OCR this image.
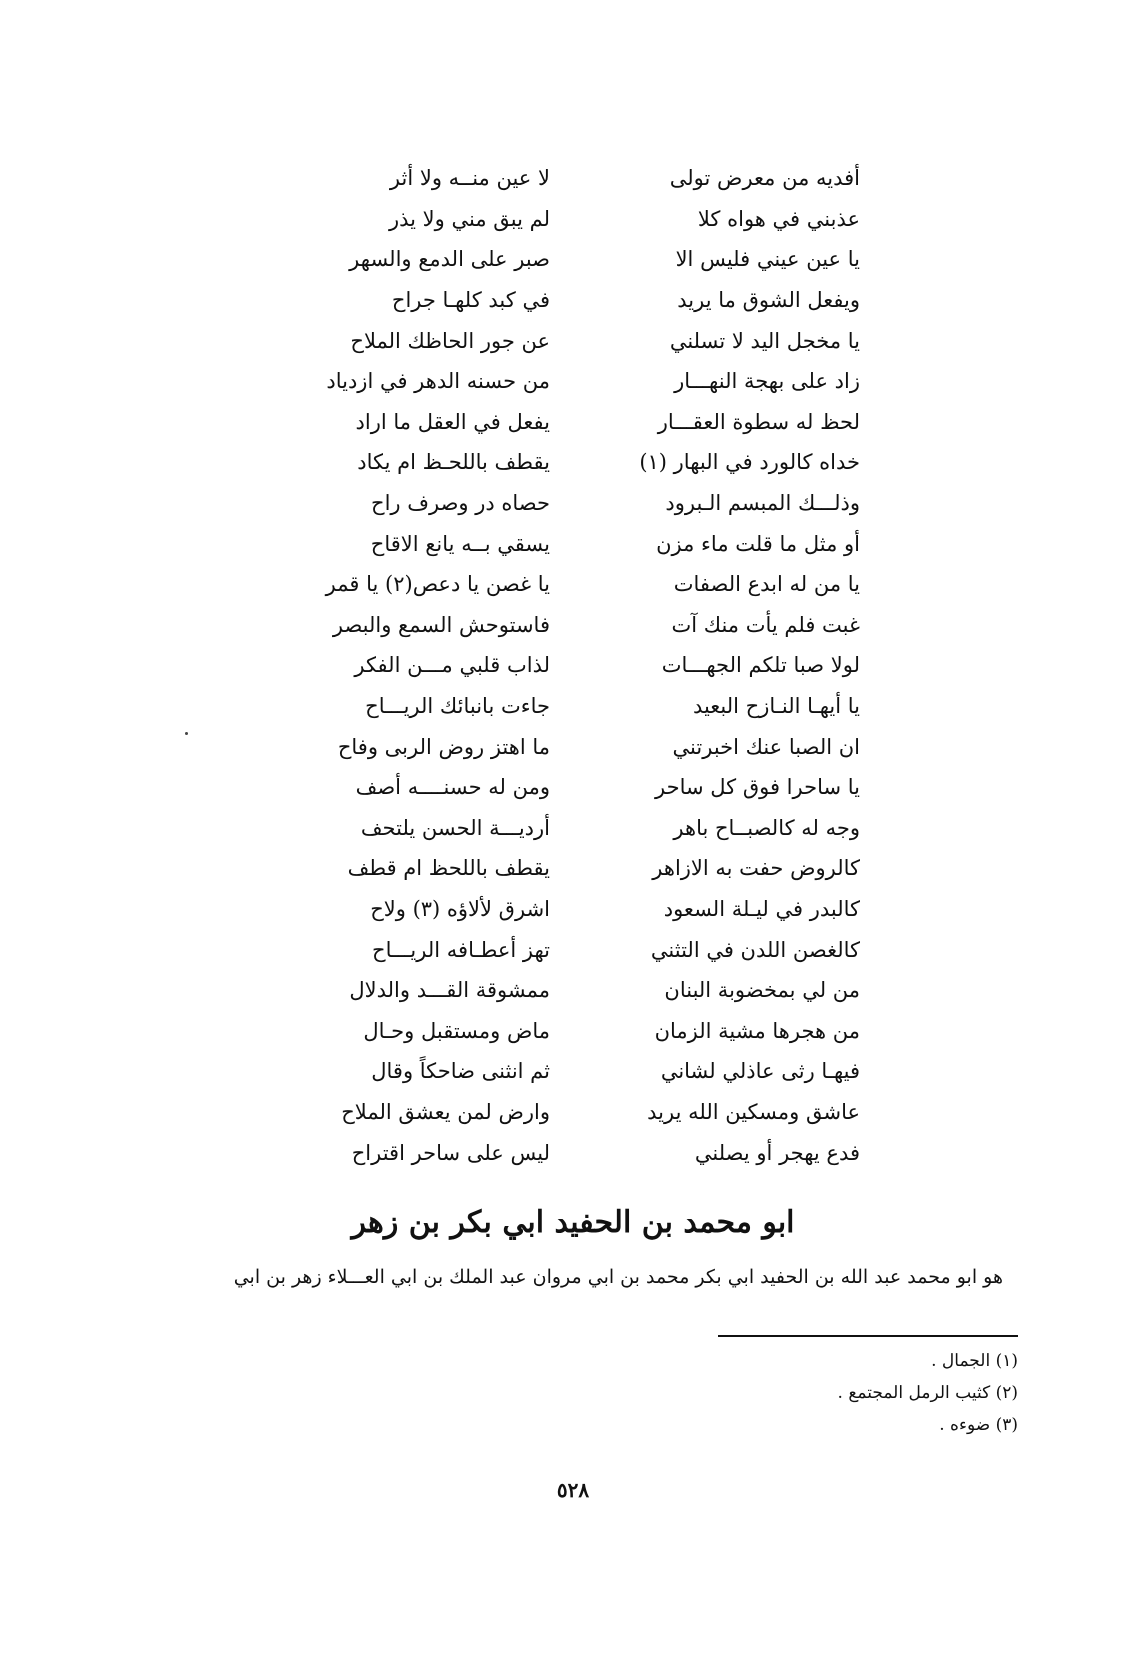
أفديه من معرض تولى
لا عين منــه ولا أثر
عذبني في هواه كلا
لم يبق مني ولا يذر
يا عين عيني فليس الا
صبر على الدمع والسهر
ويفعل الشوق ما يريد
في كبد كلهـا جراح
يا مخجل اليد لا تسلني
عن جور الحاظك الملاح
زاد على بهجة النهـــار
من حسنه الدهر في ازدياد
لحظ له سطوة العقـــار
يفعل في العقل ما اراد
خداه كالورد في البهار (١)
يقطف باللحـظ ام يكاد
وذلـــك المبسم الـبرود
حصاه در وصرف راح
أو مثل ما قلت ماء مزن
يسقي بــه يانع الاقاح
يا من له ابدع الصفات
يا غصن يا دعص(٢) يا قمر
غبت فلم يأت منك آت
فاستوحش السمع والبصر
لولا صبا تلكم الجهـــات
لذاب قلبي مـــن الفكر
يا أيهـا النـازح البعيد
جاءت بانبائك الريـــاح
ان الصبا عنك اخبرتني
ما اهتز روض الربى وفاح
يا ساحرا فوق كل ساحر
ومن له حسنــــه أصف
وجه له كالصبــاح باهر
أرديـــة الحسن يلتحف
كالروض حفت به الازاهر
يقطف باللحظ ام قطف
كالبدر في ليـلة السعود
اشرق لألاؤه (٣) ولاح
كالغصن اللدن في التثني
تهز أعطـافه الريـــاح
من لي بمخضوبة البنان
ممشوقة القـــد والدلال
من هجرها مشية الزمان
ماض ومستقبل وحـال
فيهـا رثى عاذلي لشاني
ثم انثنى ضاحكاً وقال
عاشق ومسكين الله يريد
وارض لمن يعشق الملاح
فدع يهجر أو يصلني
ليس على ساحر اقتراح
ابو محمد بن الحفيد ابي بكر بن زهر
هو ابو محمد عبد الله بن الحفيد ابي بكر محمد بن ابي مروان عبد الملك بن ابي العـــلاء زهر بن ابي
(١) الجمال .
(٢) كثيب الرمل المجتمع .
(٣) ضوءه .
٥٢٨
